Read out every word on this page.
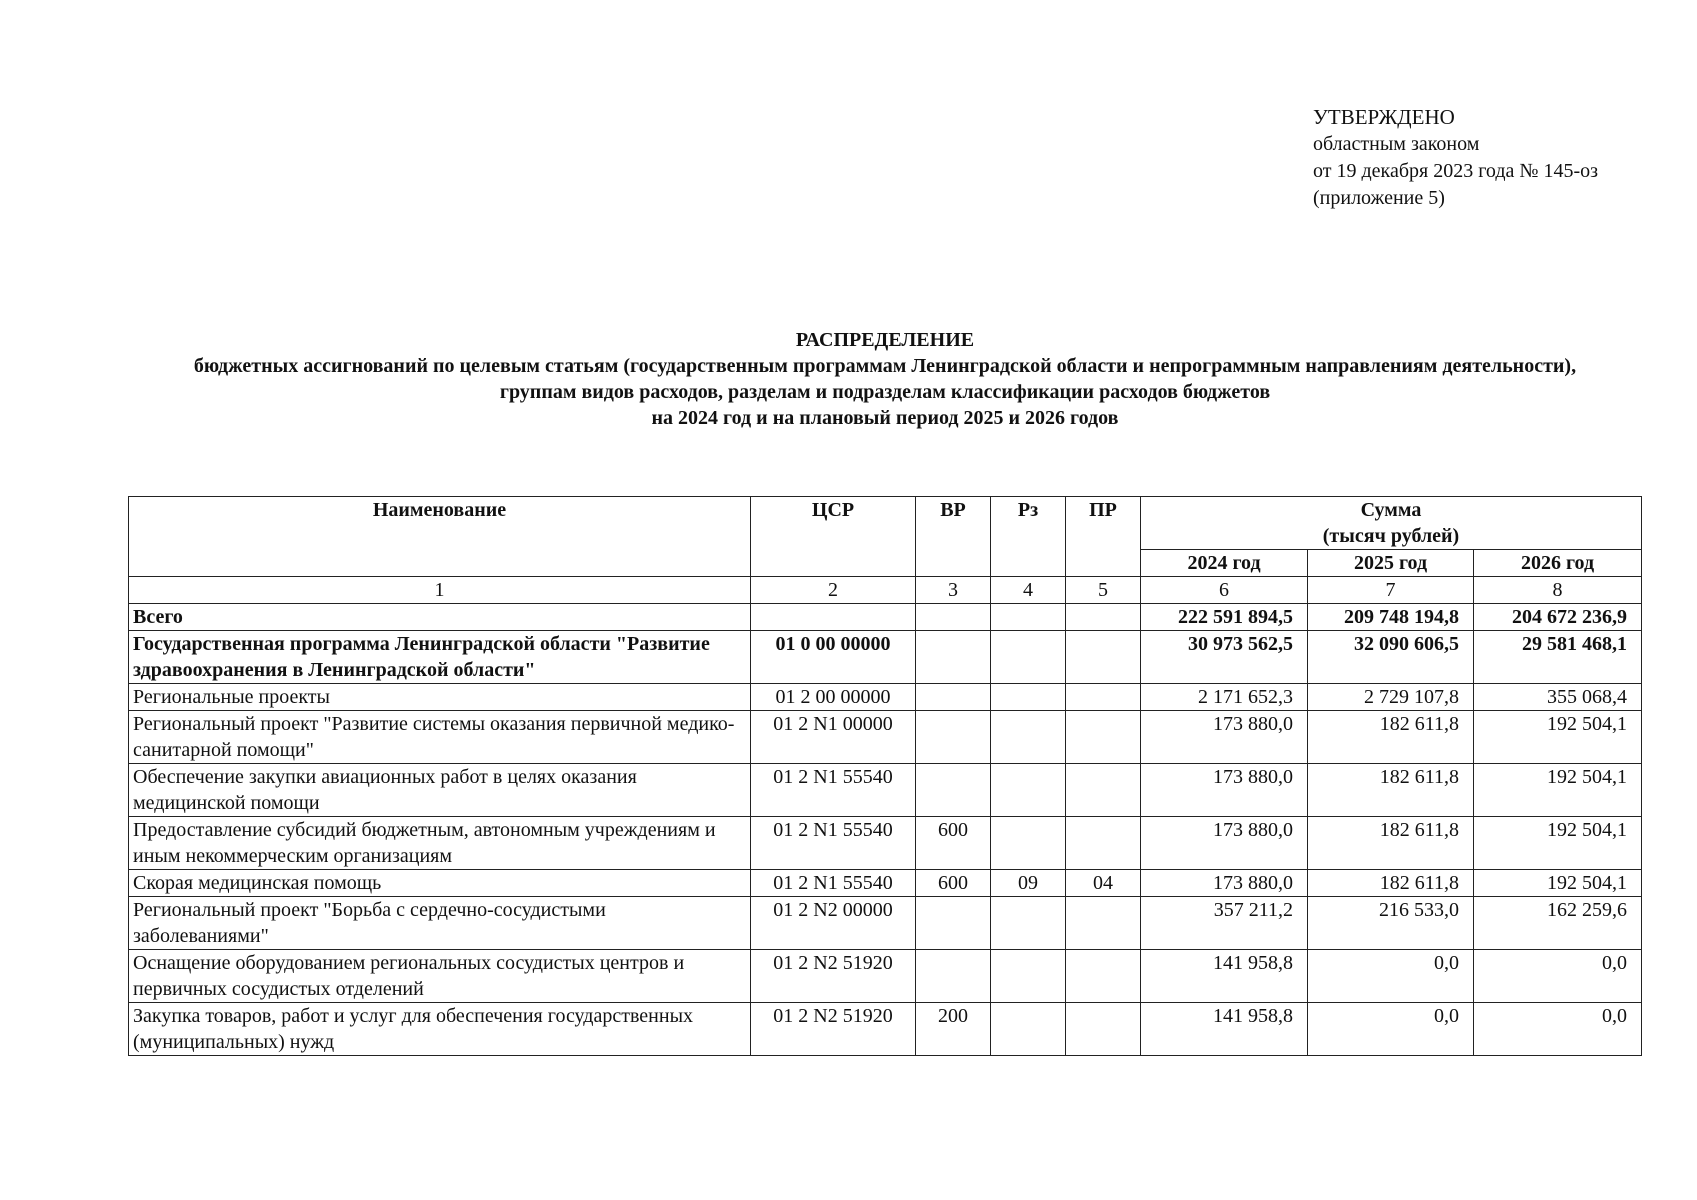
УТВЕРЖДЕНО
областным законом
от 19 декабря 2023 года № 145-оз
(приложение 5)
РАСПРЕДЕЛЕНИЕ
бюджетных ассигнований по целевым статьям (государственным программам Ленинградской области и непрограммным направлениям деятельности),
группам видов расходов, разделам и подразделам классификации расходов бюджетов
на 2024 год и на плановый период 2025 и 2026 годов
Наименование	ЦСР	ВР	Рз	ПР	Сумма
(тысяч рублей)		

					2024 год	2025 год	2026 год
1	2	3	4	5	6	7	8
Всего					222 591 894,5	209 748 194,8	204 672 236,9
Государственная программа Ленинградской области "Развитие здравоохранения в Ленинградской области"	01 0 00 00000				30 973 562,5	32 090 606,5	29 581 468,1
Региональные проекты	01 2 00 00000				2 171 652,3	2 729 107,8	355 068,4
Региональный проект "Развитие системы оказания первичной медико-санитарной помощи"	01 2 N1 00000				173 880,0	182 611,8	192 504,1
Обеспечение закупки авиационных работ в целях оказания медицинской помощи	01 2 N1 55540				173 880,0	182 611,8	192 504,1
Предоставление субсидий бюджетным, автономным учреждениям и иным некоммерческим организациям	01 2 N1 55540	600			173 880,0	182 611,8	192 504,1
Скорая медицинская помощь	01 2 N1 55540	600	09	04	173 880,0	182 611,8	192 504,1
Региональный проект "Борьба с сердечно-сосудистыми заболеваниями"	01 2 N2 00000				357 211,2	216 533,0	162 259,6
Оснащение оборудованием региональных сосудистых центров и первичных сосудистых отделений	01 2 N2 51920				141 958,8	0,0	0,0
Закупка товаров, работ и услуг для обеспечения государственных (муниципальных) нужд	01 2 N2 51920	200			141 958,8	0,0	0,0
